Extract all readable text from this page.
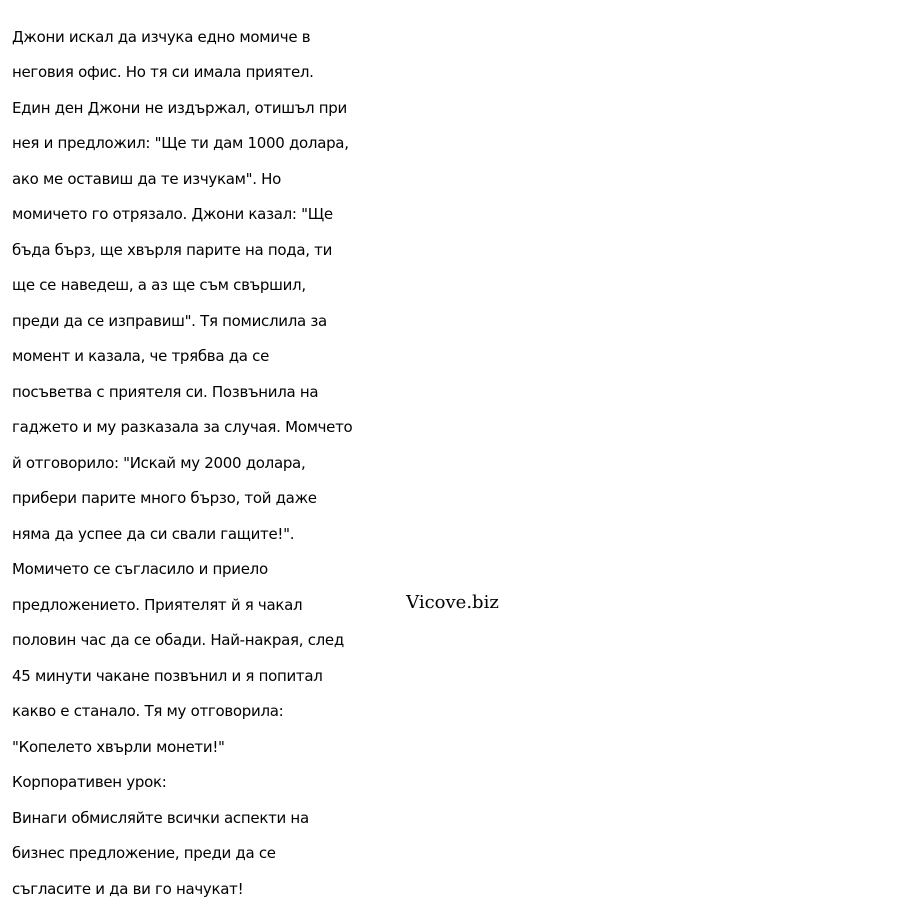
Джони искал да изчука едно момиче в

неговия офис. Но тя си имала приятел.

Един ден Джони не издържал, отишъл при

нея и предложил: "Ще ти дам 1000 долара,

ако ме оставиш да те изчукам". Но

момичето го отрязало. Джони казал: "Ще

бъда бърз, ще хвърля парите на пода, ти

ще се наведеш, а аз ще съм свършил,

преди да се изправиш". Тя помислила за

момент и казала, че трябва да се

посъветва с приятеля си. Позвънила на

гаджето и му разказала за случая. Момчето

й отговорило: "Искай му 2000 долара,

прибери парите много бързо, той даже

няма да успее да си свали гащите!".

Момичето се съгласило и приело

предложението. Приятелят й я чакал

половин час да се обади. Най-накрая, след

45 минути чакане позвънил и я попитал

какво е станало. Тя му отговорила:

"Копелето хвърли монети!"

Корпоративен урок:

Винаги обмисляйте всички аспекти на

бизнес предложение, преди да се

съгласите и да ви го начукат!

Vicove.biz
